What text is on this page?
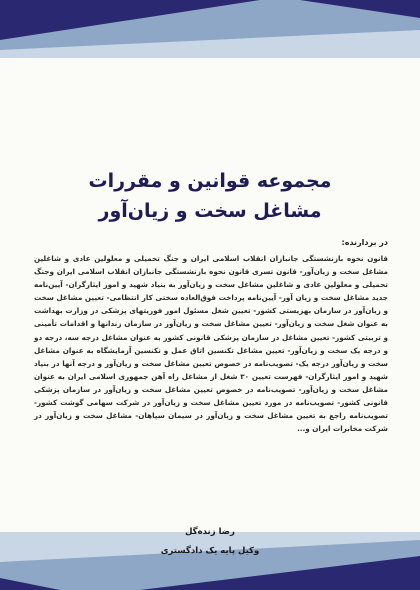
مجموعه قوانین و مقررات
مشاغل سخت و زیان‌آور
در بردارنده:

قانون نحوه بازنشستگی جانبازان انقلاب اسلامی ایران و جنگ تحمیلی و معلولین عادی و شاغلین مشاغل سخت و زیان‌آور- قانون تسری قانون نحوه بازنشستگی جانبازان انقلاب اسلامی ایران وجنگ تحمیلی و معلولین عادی و شاغلین مشاغل سخت و زیان‌آور به بنیاد شهید و امور ایثارگران- آیین‌نامه جدید مشاغل سخت و زیان آور- آیین‌نامه پرداخت فوق‌العاده سختی کار انتظامی- تعیین مشاغل سخت و زیان‌آور در سازمان بهزیستی کشور- تعیین شغل مسئول امور فوریتهای پزشکی در وزارت بهداشت به عنوان شغل سخت و زیان‌آور- تعیین مشاغل سخت و زیان‌آور در سازمان زندانها و اقدامات تأمینی و تربیتی کشور- تعیین مشاغل در سازمان پزشکی قانونی کشور به عنوان مشاغل درجه سه، درجه دو و درجه یک سخت و زیان‌آور- تعیین مشاغل تکنسین اتاق عمل و تکنسین آزمایشگاه به عنوان مشاغل سخت و زیان‌آور درجه یک- تصویب‌نامه در خصوص تعیین مشاغل سخت و زیان‌آور و درجه آنها در بنیاد شهید و امور ایثارگران- فهرست تعیین ۳۰ شغل از مشاغل راه آهن جمهوری اسلامی ایران به عنوان مشاغل سخت و زیان‌آور- تصویب‌نامه در خصوص تعیین مشاغل سخت و زیان‌آور در سازمان پزشکی قانونی کشور- تصویب‌نامه در مورد تعیین مشاغل سخت و زیان‌آور در شرکت سهامی گوشت کشور- تصویب‌نامه راجع به تعیین مشاغل سخت و زیان‌آور در سیمان سپاهان- مشاغل سخت و زیان‌آور در شرکت مخابرات ایران و...

رضا زنده‌گل
وکیل پایه یک دادگستری
